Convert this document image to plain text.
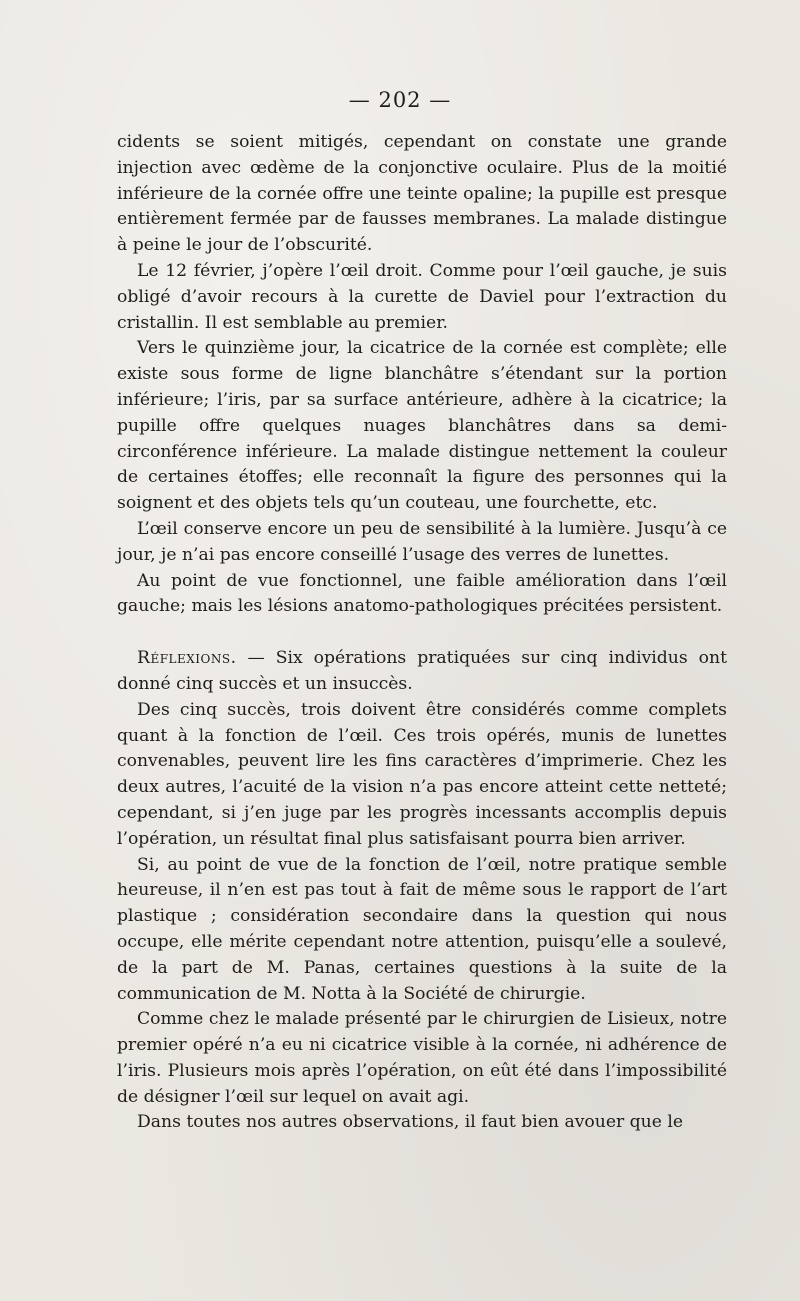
— 202 —

cidents se soient mitigés, cependant on constate une grande injection avec œdème de la conjonctive oculaire. Plus de la moitié inférieure de la cornée offre une teinte opaline; la pupille est presque entièrement fermée par de fausses membranes. La malade distingue à peine le jour de l’obscurité.

Le 12 février, j’opère l’œil droit. Comme pour l’œil gauche, je suis obligé d’avoir recours à la curette de Daviel pour l’extraction du cristallin. Il est semblable au premier.

Vers le quinzième jour, la cicatrice de la cornée est complète; elle existe sous forme de ligne blanchâtre s’étendant sur la portion inférieure; l’iris, par sa surface antérieure, adhère à la cicatrice; la pupille offre quelques nuages blanchâtres dans sa demi-circonférence inférieure. La malade distingue nettement la couleur de certaines étoffes; elle reconnaît la figure des personnes qui la soignent et des objets tels qu’un couteau, une fourchette, etc.

L’œil conserve encore un peu de sensibilité à la lumière. Jusqu’à ce jour, je n’ai pas encore conseillé l’usage des verres de lunettes.

Au point de vue fonctionnel, une faible amélioration dans l’œil gauche; mais les lésions anatomo-pathologiques précitées persistent.

Réflexions. — Six opérations pratiquées sur cinq individus ont donné cinq succès et un insuccès.

Des cinq succès, trois doivent être considérés comme complets quant à la fonction de l’œil. Ces trois opérés, munis de lunettes convenables, peuvent lire les fins caractères d’imprimerie. Chez les deux autres, l’acuité de la vision n’a pas encore atteint cette netteté; cependant, si j’en juge par les progrès incessants accomplis depuis l’opération, un résultat final plus satisfaisant pourra bien arriver.

Si, au point de vue de la fonction de l’œil, notre pratique semble heureuse, il n’en est pas tout à fait de même sous le rapport de l’art plastique ; considération secondaire dans la question qui nous occupe, elle mérite cependant notre attention, puisqu’elle a soulevé, de la part de M. Panas, certaines questions à la suite de la communication de M. Notta à la Société de chirurgie.

Comme chez le malade présenté par le chirurgien de Lisieux, notre premier opéré n’a eu ni cicatrice visible à la cornée, ni adhérence de l’iris. Plusieurs mois après l’opération, on eût été dans l’impossibilité de désigner l’œil sur lequel on avait agi.

Dans toutes nos autres observations, il faut bien avouer que le
